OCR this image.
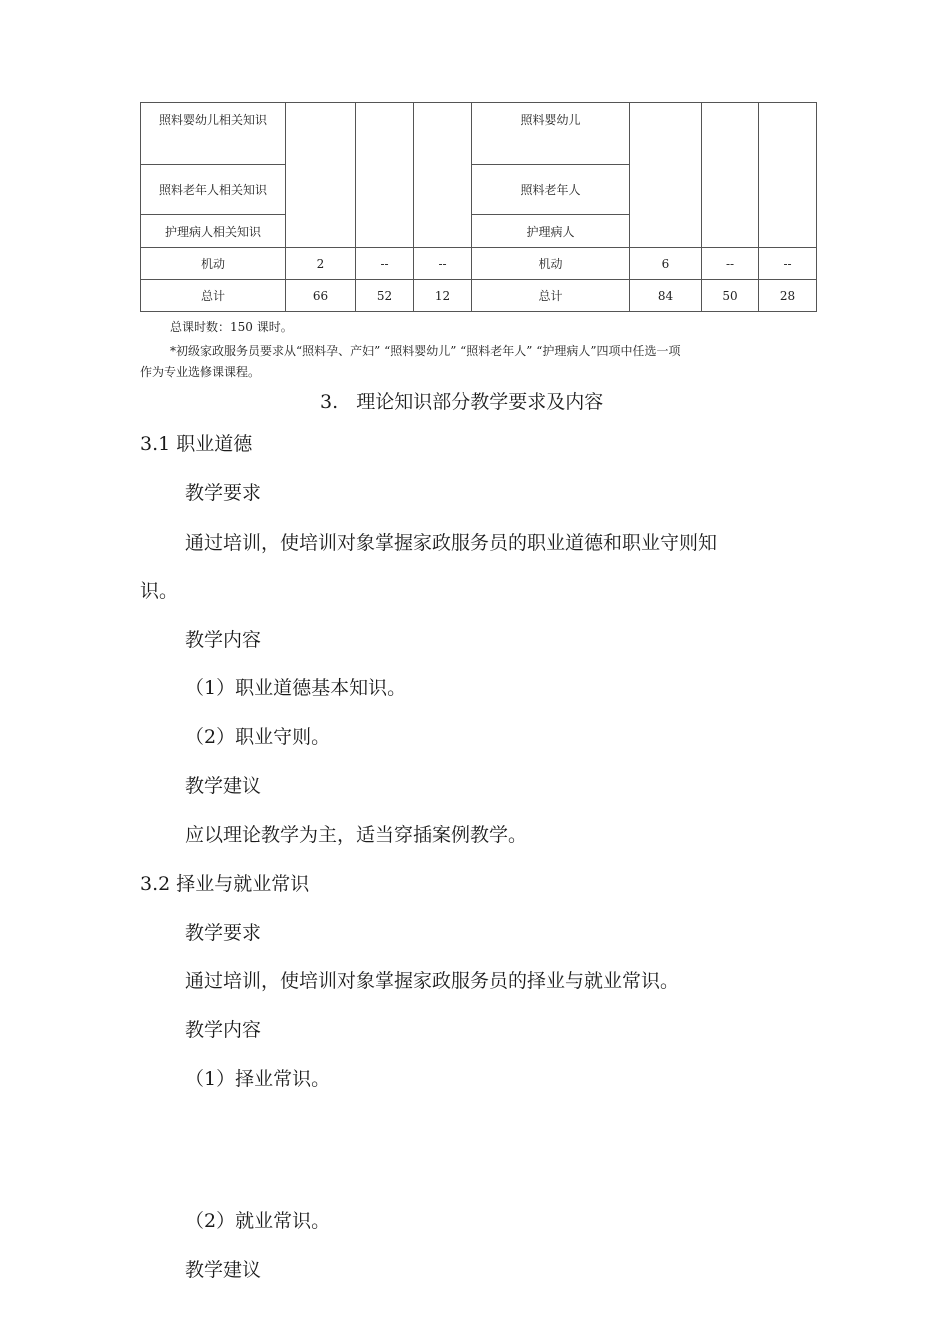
照料婴幼儿相关知识				照料婴幼儿			
照料老年人相关知识				照料老年人			
护理病人相关知识				护理病人			
机动	2	--	--	机动	6	--	--
总计	66	52	12	总计	84	50	28
总课时数：150 课时。
*初级家政服务员要求从“照料孕、产妇” “照料婴幼儿” “照料老年人” “护理病人”四项中任选一项
作为专业选修课课程。
3.   理论知识部分教学要求及内容
3.1 职业道德
教学要求
通过培训，使培训对象掌握家政服务员的职业道德和职业守则知
识。
教学内容
（1）职业道德基本知识。
（2）职业守则。
教学建议
应以理论教学为主，适当穿插案例教学。
3.2 择业与就业常识
教学要求
通过培训，使培训对象掌握家政服务员的择业与就业常识。
教学内容
（1）择业常识。
（2）就业常识。
教学建议
